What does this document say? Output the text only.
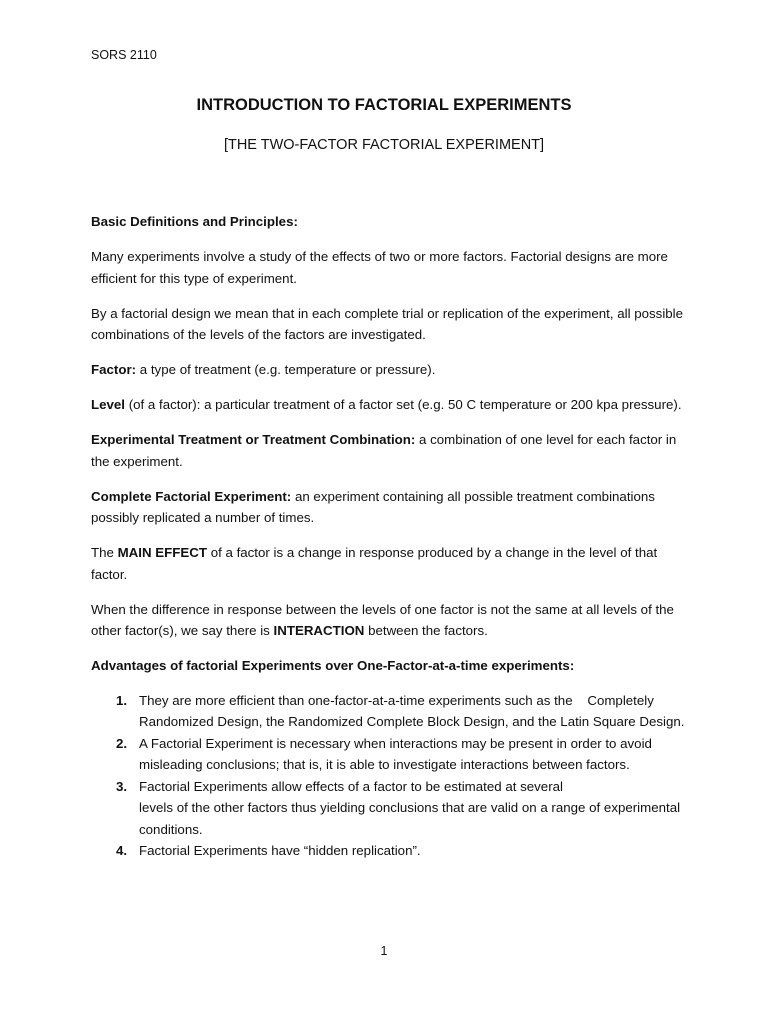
SORS 2110
INTRODUCTION TO FACTORIAL EXPERIMENTS
[THE TWO-FACTOR FACTORIAL EXPERIMENT]

Basic Definitions and Principles:

Many experiments involve a study of the effects of two or more factors. Factorial designs are more efficient for this type of experiment.

By a factorial design we mean that in each complete trial or replication of the experiment, all possible combinations of the levels of the factors are investigated.

Factor: a type of treatment (e.g. temperature or pressure).

Level (of a factor): a particular treatment of a factor set (e.g. 50 C temperature or 200 kpa pressure).

Experimental Treatment or Treatment Combination: a combination of one level for each factor in the experiment.

Complete Factorial Experiment: an experiment containing all possible treatment combinations possibly replicated a number of times.

The MAIN EFFECT of a factor is a change in response produced by a change in the level of that factor.

When the difference in response between the levels of one factor is not the same at all levels of the other factor(s), we say there is INTERACTION between the factors.

Advantages of factorial Experiments over One-Factor-at-a-time experiments:

1. They are more efficient than one-factor-at-a-time experiments such as the    Completely Randomized Design, the Randomized Complete Block Design, and the Latin Square Design.
2. A Factorial Experiment is necessary when interactions may be present in order to avoid misleading conclusions; that is, it is able to investigate interactions between factors.
3. Factorial Experiments allow effects of a factor to be estimated at several
levels of the other factors thus yielding conclusions that are valid on a range of experimental conditions.
4. Factorial Experiments have “hidden replication”.
1
